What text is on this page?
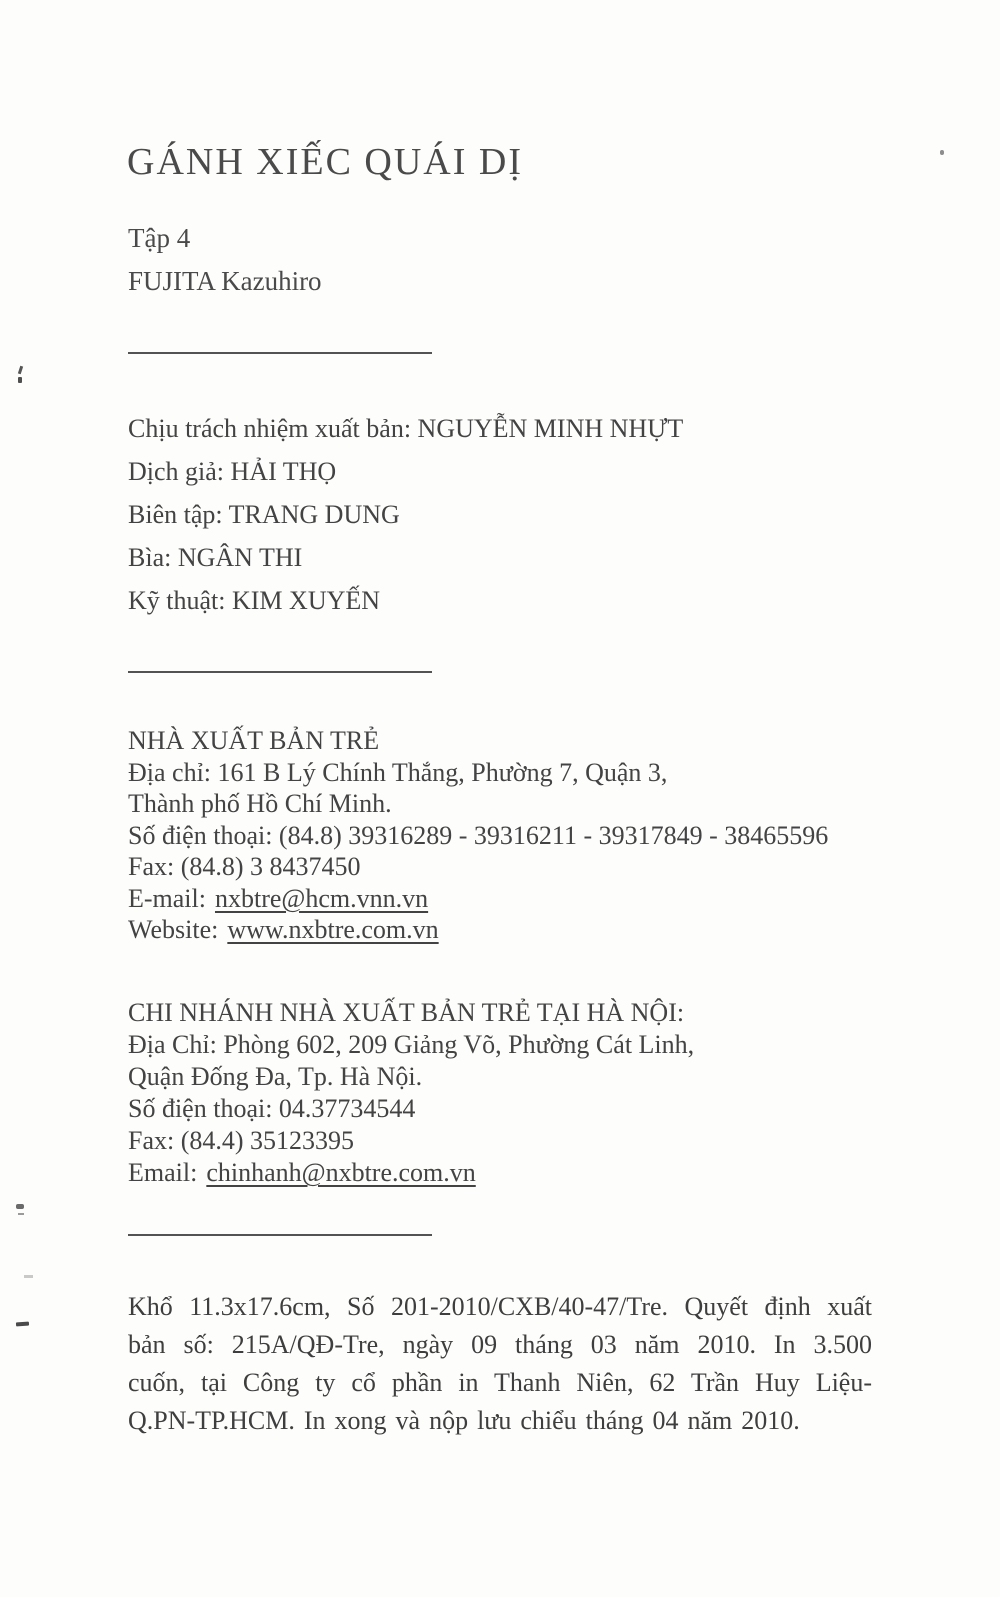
GÁNH XIẾC QUÁI DỊ
Tập 4
FUJITA Kazuhiro
Chịu trách nhiệm xuất bản: NGUYỄN MINH NHỰT
Dịch giả: HẢI THỌ
Biên tập: TRANG DUNG
Bìa: NGÂN THI
Kỹ thuật: KIM XUYẾN
NHÀ XUẤT BẢN TRẺ
Địa chỉ: 161 B Lý Chính Thắng, Phường 7, Quận 3,
Thành phố Hồ Chí Minh.
Số điện thoại: (84.8) 39316289 - 39316211 - 39317849 - 38465596
Fax: (84.8) 3 8437450
E-mail: nxbtre@hcm.vnn.vn
Website: www.nxbtre.com.vn
CHI NHÁNH NHÀ XUẤT BẢN TRẺ TẠI HÀ NỘI:
Địa Chỉ: Phòng 602, 209 Giảng Võ, Phường Cát Linh,
Quận Đống Đa, Tp. Hà Nội.
Số điện thoại: 04.37734544
Fax: (84.4) 35123395
Email: chinhanh@nxbtre.com.vn
Khổ 11.3x17.6cm, Số 201-2010/CXB/40-47/Tre. Quyết định xuất
bản số: 215A/QĐ-Tre, ngày 09 tháng 03 năm 2010. In 3.500
cuốn, tại Công ty cổ phần in Thanh Niên, 62 Trần Huy Liệu-
Q.PN-TP.HCM. In xong và nộp lưu chiểu tháng 04 năm 2010.
